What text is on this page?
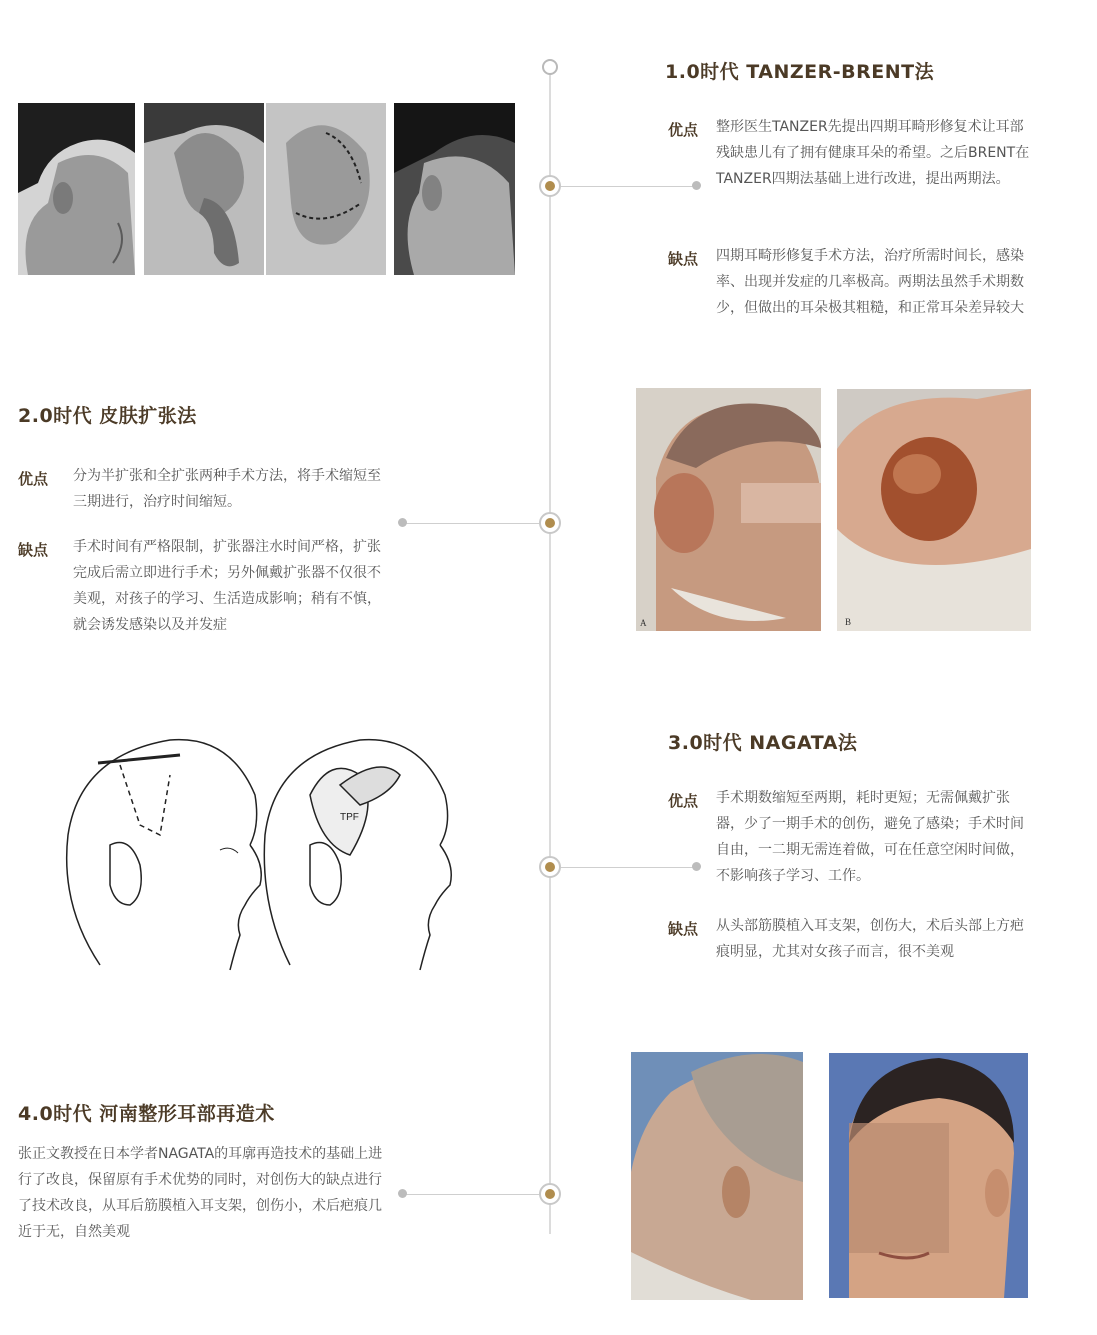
1.0时代 TANZER-BRENT法
优点 整形医生TANZER先提出四期耳畸形修复术让耳部残缺患儿有了拥有健康耳朵的希望。之后BRENT在TANZER四期法基础上进行改进，提出两期法。
缺点 四期耳畸形修复手术方法，治疗所需时间长，感染率、出现并发症的几率极高。两期法虽然手术期数少，但做出的耳朵极其粗糙，和正常耳朵差异较大
2.0时代 皮肤扩张法
优点 分为半扩张和全扩张两种手术方法，将手术缩短至三期进行，治疗时间缩短。
缺点 手术时间有严格限制，扩张器注水时间严格，扩张完成后需立即进行手术；另外佩戴扩张器不仅很不美观，对孩子的学习、生活造成影响；稍有不慎，就会诱发感染以及并发症	A	B
TPF
3.0时代 NAGATA法
优点 手术期数缩短至两期，耗时更短；无需佩戴扩张器，少了一期手术的创伤，避免了感染；手术时间自由，一二期无需连着做，可在任意空闲时间做，不影响孩子学习、工作。
缺点 从头部筋膜植入耳支架，创伤大，术后头部上方疤痕明显，尤其对女孩子而言，很不美观
4.0时代 河南整形耳部再造术
张正文教授在日本学者NAGATA的耳廓再造技术的基础上进行了改良，保留原有手术优势的同时，对创伤大的缺点进行了技术改良，从耳后筋膜植入耳支架，创伤小，术后疤痕几近于无，自然美观
